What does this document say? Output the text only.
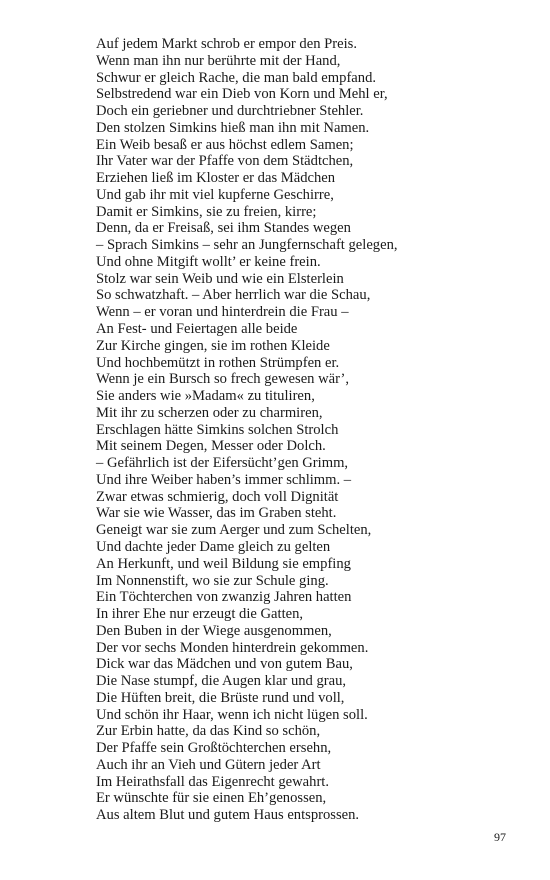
Auf jedem Markt schrob er empor den Preis.
Wenn man ihn nur berührte mit der Hand,
Schwur er gleich Rache, die man bald empfand.
Selbstredend war ein Dieb von Korn und Mehl er,
Doch ein geriebner und durchtriebner Stehler.
Den stolzen Simkins hieß man ihn mit Namen.
Ein Weib besaß er aus höchst edlem Samen;
Ihr Vater war der Pfaffe von dem Städtchen,
Erziehen ließ im Kloster er das Mädchen
Und gab ihr mit viel kupferne Geschirre,
Damit er Simkins, sie zu freien, kirre;
Denn, da er Freisaß, sei ihm Standes wegen
– Sprach Simkins – sehr an Jungfernschaft gelegen,
Und ohne Mitgift wollt’ er keine frein.
Stolz war sein Weib und wie ein Elsterlein
So schwatzhaft. – Aber herrlich war die Schau,
Wenn – er voran und hinterdrein die Frau –
An Fest- und Feiertagen alle beide
Zur Kirche gingen, sie im rothen Kleide
Und hochbemützt in rothen Strümpfen er.
Wenn je ein Bursch so frech gewesen wär’,
Sie anders wie »Madam« zu tituliren,
Mit ihr zu scherzen oder zu charmiren,
Erschlagen hätte Simkins solchen Strolch
Mit seinem Degen, Messer oder Dolch.
– Gefährlich ist der Eifersücht’gen Grimm,
Und ihre Weiber haben’s immer schlimm. –
Zwar etwas schmierig, doch voll Dignität
War sie wie Wasser, das im Graben steht.
Geneigt war sie zum Aerger und zum Schelten,
Und dachte jeder Dame gleich zu gelten
An Herkunft, und weil Bildung sie empfing
Im Nonnenstift, wo sie zur Schule ging.
Ein Töchterchen von zwanzig Jahren hatten
In ihrer Ehe nur erzeugt die Gatten,
Den Buben in der Wiege ausgenommen,
Der vor sechs Monden hinterdrein gekommen.
Dick war das Mädchen und von gutem Bau,
Die Nase stumpf, die Augen klar und grau,
Die Hüften breit, die Brüste rund und voll,
Und schön ihr Haar, wenn ich nicht lügen soll.
Zur Erbin hatte, da das Kind so schön,
Der Pfaffe sein Großtöchterchen ersehn,
Auch ihr an Vieh und Gütern jeder Art
Im Heirathsfall das Eigenrecht gewahrt.
Er wünschte für sie einen Eh’genossen,
Aus altem Blut und gutem Haus entsprossen.
97
